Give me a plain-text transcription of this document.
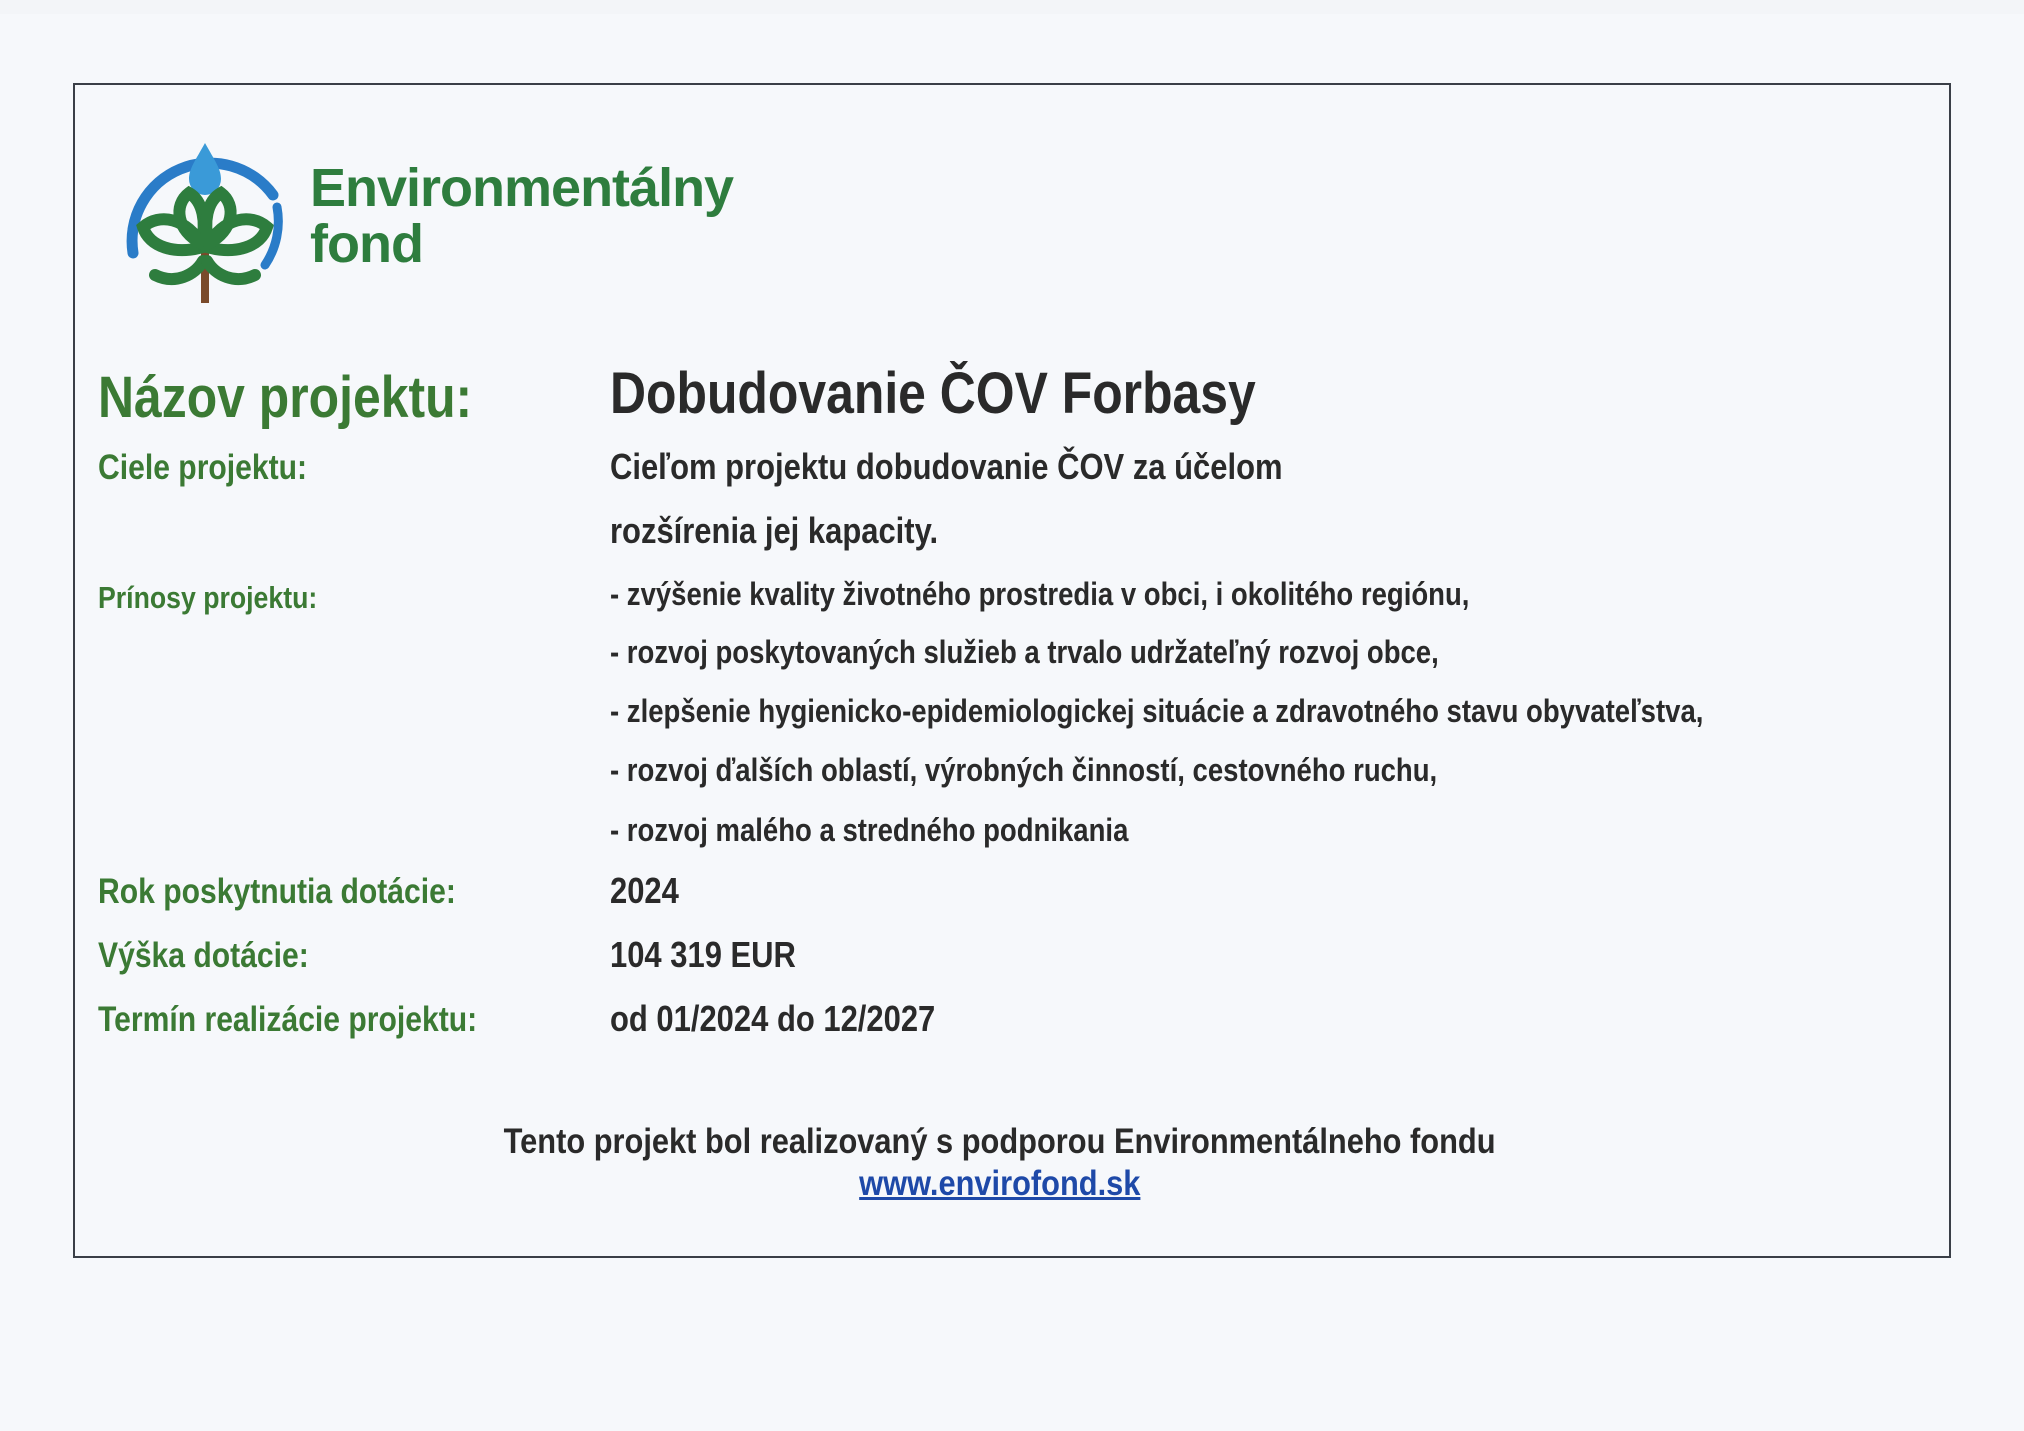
Environmentálny
fond
Názov projektu: Dobudovanie ČOV Forbasy
Ciele projektu:	Cieľom projektu dobudovanie ČOV za účelom
rozšírenia jej kapacity.
Prínosy projektu:	- zvýšenie kvality životného prostredia v obci, i okolitého regiónu,
- rozvoj poskytovaných služieb a trvalo udržateľný rozvoj obce,
- zlepšenie hygienicko-epidemiologickej situácie a zdravotného stavu obyvateľstva,
- rozvoj ďalších oblastí, výrobných činností, cestovného ruchu,
- rozvoj malého a stredného podnikania
Rok poskytnutia dotácie:	2024
Výška dotácie:	104 319 EUR
Termín realizácie projektu:	od 01/2024 do 12/2027
Tento projekt bol realizovaný s podporou Environmentálneho fondu
www.envirofond.sk
